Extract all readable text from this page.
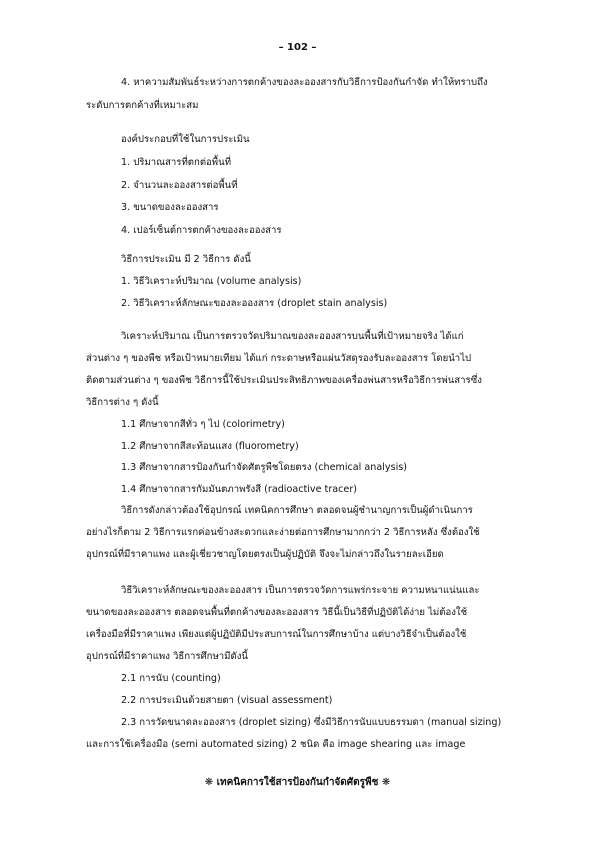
– 102 –
4. หาความสัมพันธ์ระหว่างการตกค้างของละอองสารกับวิธีการป้องกันกำจัด ทำให้ทราบถึง
ระดับการตกค้างที่เหมาะสม
องค์ประกอบที่ใช้ในการประเมิน
1. ปริมาณสารที่ตกต่อพื้นที่
2. จำนวนละอองสารต่อพื้นที่
3. ขนาดของละอองสาร
4. เปอร์เซ็นต์การตกค้างของละอองสาร
วิธีการประเมิน มี 2 วิธีการ ดังนี้
1. วิธีวิเคราะห์ปริมาณ (volume analysis)
2. วิธีวิเคราะห์ลักษณะของละอองสาร (droplet stain analysis)
วิเคราะห์ปริมาณ เป็นการตรวจวัดปริมาณของละอองสารบนพื้นที่เป้าหมายจริง ได้แก่
ส่วนต่าง ๆ ของพืช หรือเป้าหมายเทียม ได้แก่ กระดาษหรือแผ่นวัสดุรองรับละอองสาร โดยนำไป
ติดตามส่วนต่าง ๆ ของพืช วิธีการนี้ใช้ประเมินประสิทธิภาพของเครื่องพ่นสารหรือวิธีการพ่นสารซึ่ง
วิธีการต่าง ๆ ดังนี้
1.1 ศึกษาจากสีทั่ว ๆ ไป (colorimetry)
1.2 ศึกษาจากสีสะท้อนแสง (fluorometry)
1.3 ศึกษาจากสารป้องกันกำจัดศัตรูพืชโดยตรง (chemical analysis)
1.4 ศึกษาจากสารกัมมันตภาพรังสี (radioactive tracer)
วิธีการดังกล่าวต้องใช้อุปกรณ์ เทคนิคการศึกษา ตลอดจนผู้ชำนาญการเป็นผู้ดำเนินการ
อย่างไรก็ตาม 2 วิธีการแรกค่อนข้างสะดวกและง่ายต่อการศึกษามากกว่า 2 วิธีการหลัง ซึ่งต้องใช้
อุปกรณ์ที่มีราคาแพง และผู้เชี่ยวชาญโดยตรงเป็นผู้ปฏิบัติ จึงจะไม่กล่าวถึงในรายละเอียด
วิธีวิเคราะห์ลักษณะของละอองสาร เป็นการตรวจวัดการแพร่กระจาย ความหนาแน่นและ
ขนาดของละอองสาร ตลอดจนพื้นที่ตกค้างของละอองสาร วิธีนี้เป็นวิธีที่ปฏิบัติได้ง่าย ไม่ต้องใช้
เครื่องมือที่มีราคาแพง เพียงแต่ผู้ปฏิบัติมีประสบการณ์ในการศึกษาบ้าง แต่บางวิธีจำเป็นต้องใช้
อุปกรณ์ที่มีราคาแพง วิธีการศึกษามีดังนี้
2.1 การนับ (counting)
2.2 การประเมินด้วยสายตา (visual assessment)
2.3 การวัดขนาดละอองสาร (droplet sizing) ซึ่งมีวิธีการนับแบบธรรมดา (manual sizing)
และการใช้เครื่องมือ (semi automated sizing) 2 ชนิด คือ image shearing และ image
❋ เทคนิคการใช้สารป้องกันกำจัดศัตรูพืช ❋
